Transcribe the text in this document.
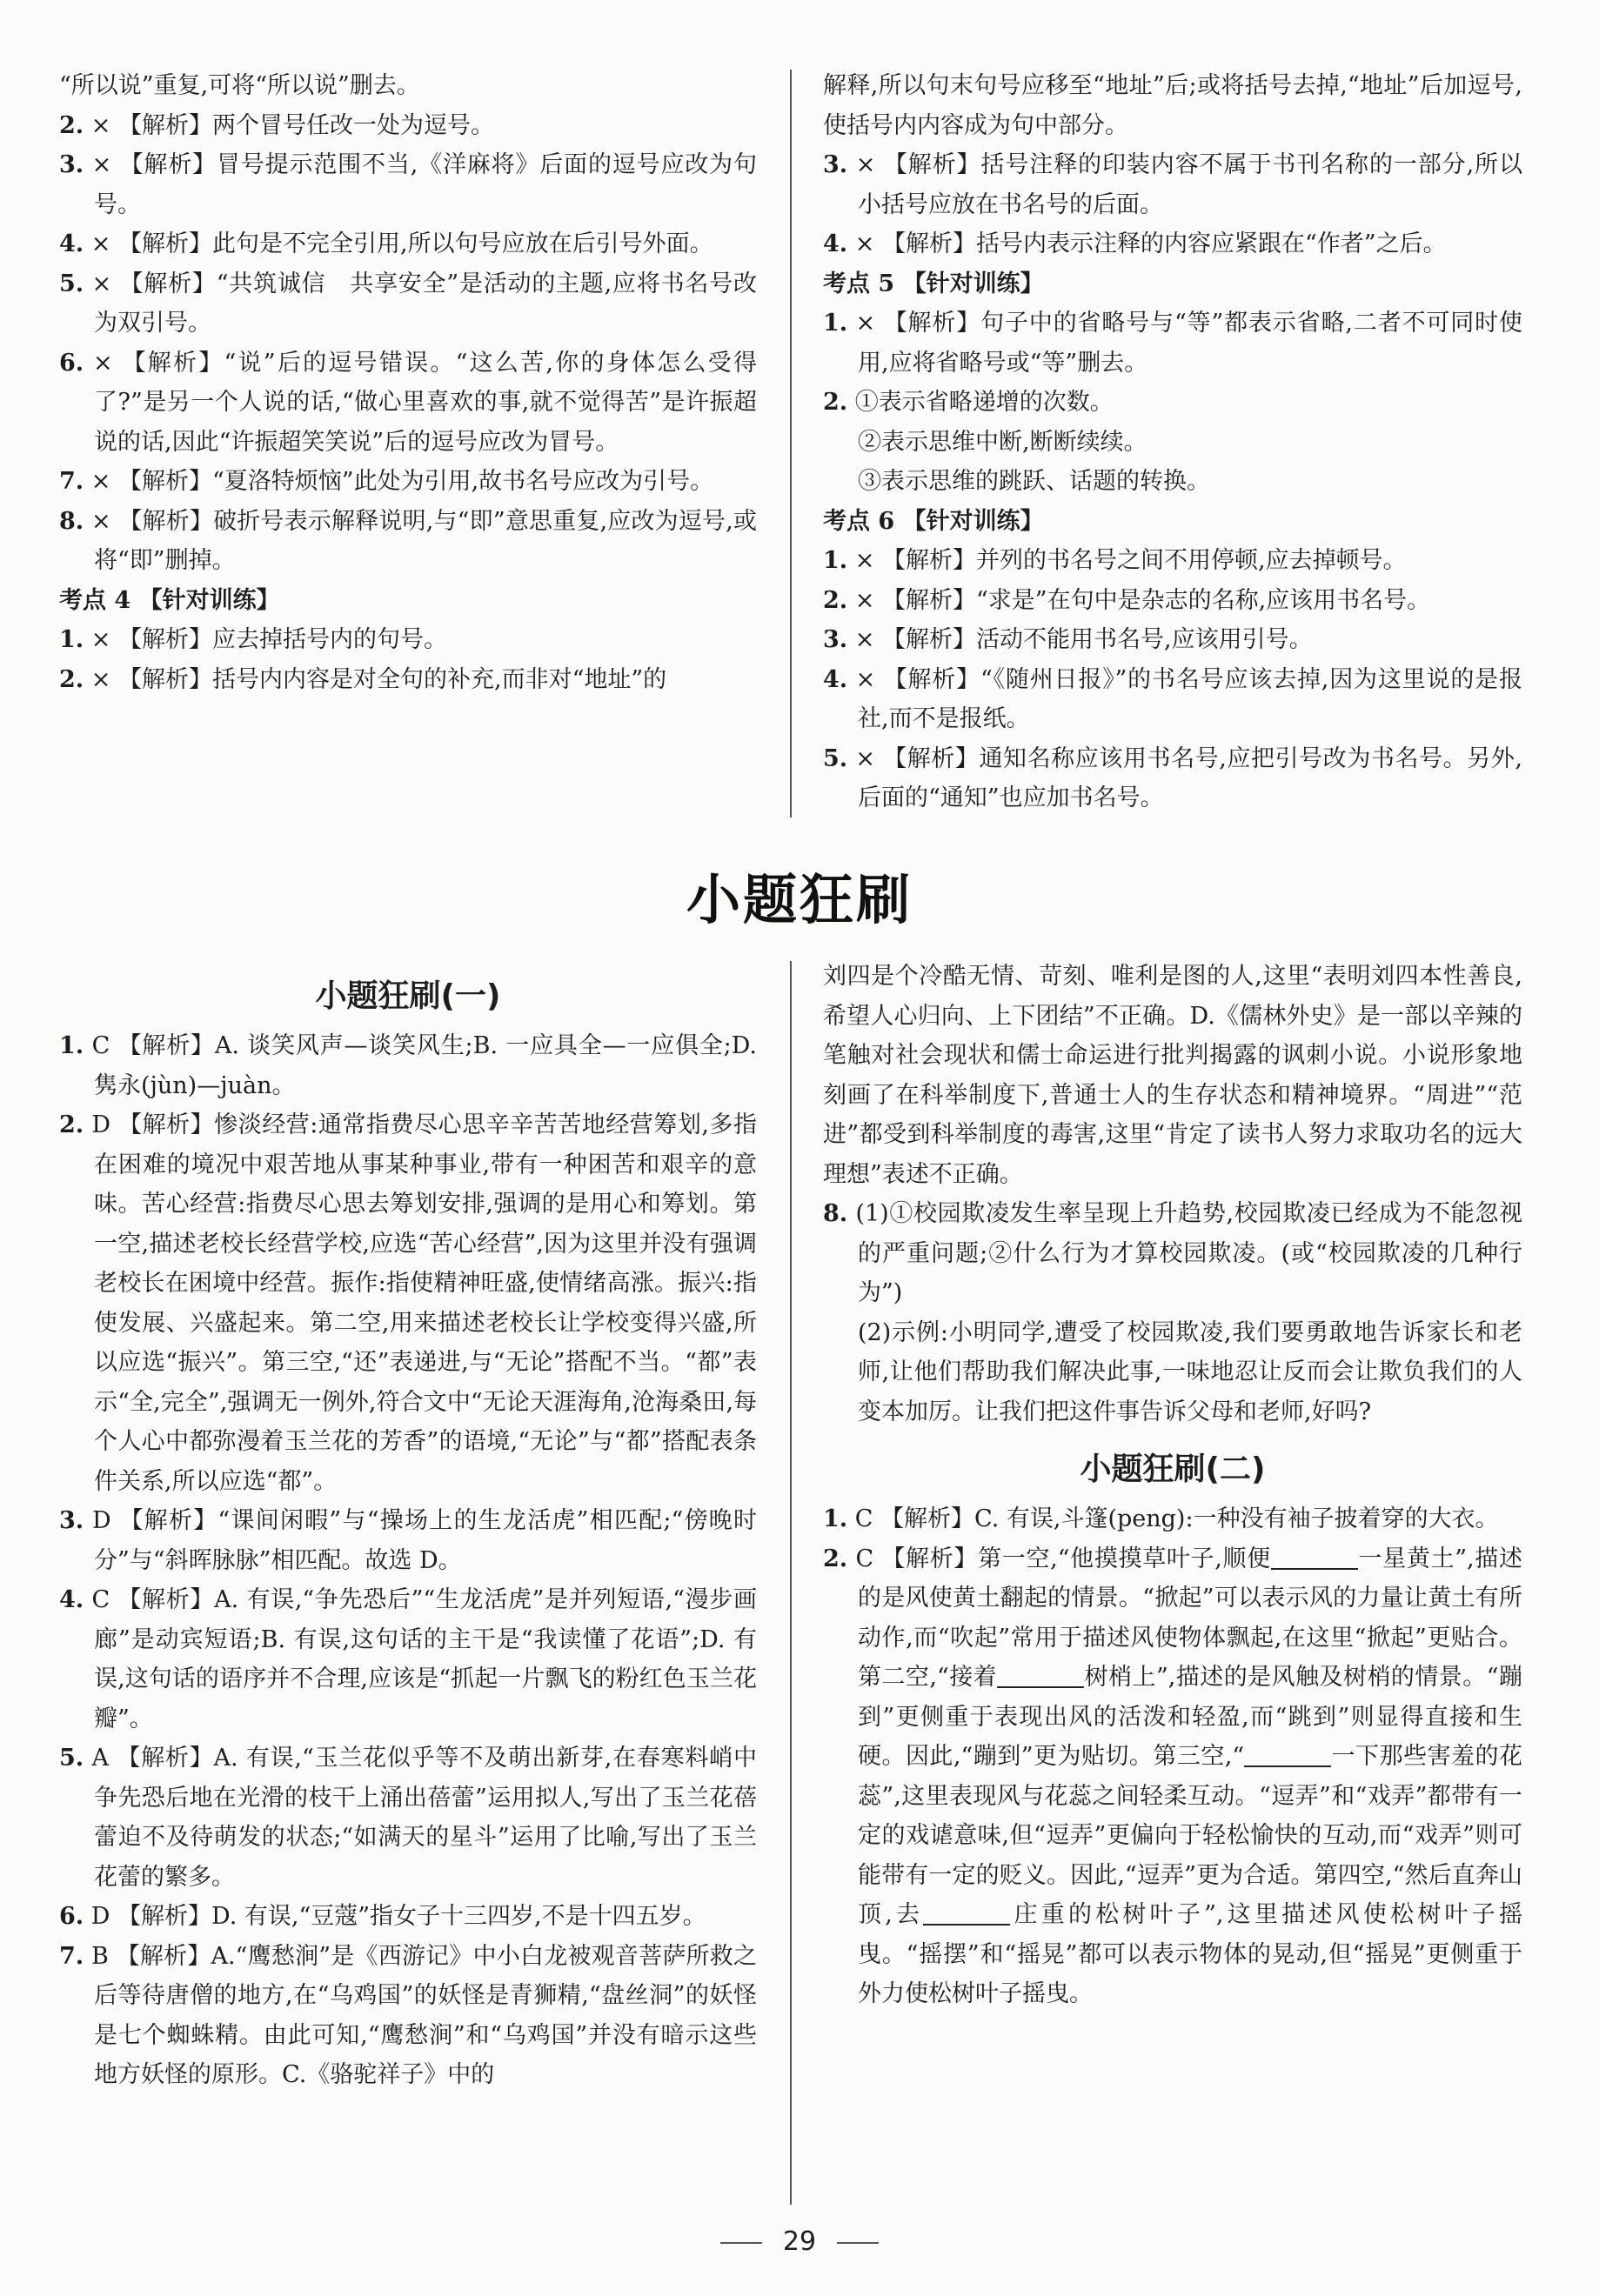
“所以说”重复,可将“所以说”删去。

2. × 【解析】两个冒号任改一处为逗号。

3. × 【解析】冒号提示范围不当,《洋麻将》后面的逗号应改为句号。

4. × 【解析】此句是不完全引用,所以句号应放在后引号外面。

5. × 【解析】“共筑诚信　共享安全”是活动的主题,应将书名号改为双引号。

6. × 【解析】“说”后的逗号错误。“这么苦,你的身体怎么受得了?”是另一个人说的话,“做心里喜欢的事,就不觉得苦”是许振超说的话,因此“许振超笑笑说”后的逗号应改为冒号。

7. × 【解析】“夏洛特烦恼”此处为引用,故书名号应改为引号。

8. × 【解析】破折号表示解释说明,与“即”意思重复,应改为逗号,或将“即”删掉。

考点 4 【针对训练】

1. × 【解析】应去掉括号内的句号。

2. × 【解析】括号内内容是对全句的补充,而非对“地址”的

解释,所以句末句号应移至“地址”后;或将括号去掉,“地址”后加逗号,使括号内内容成为句中部分。

3. × 【解析】括号注释的印装内容不属于书刊名称的一部分,所以小括号应放在书名号的后面。

4. × 【解析】括号内表示注释的内容应紧跟在“作者”之后。

考点 5 【针对训练】

1. × 【解析】句子中的省略号与“等”都表示省略,二者不可同时使用,应将省略号或“等”删去。

2. ①表示省略递增的次数。

②表示思维中断,断断续续。

③表示思维的跳跃、话题的转换。

考点 6 【针对训练】

1. × 【解析】并列的书名号之间不用停顿,应去掉顿号。

2. × 【解析】“求是”在句中是杂志的名称,应该用书名号。

3. × 【解析】活动不能用书名号,应该用引号。

4. × 【解析】“《随州日报》”的书名号应该去掉,因为这里说的是报社,而不是报纸。

5. × 【解析】通知名称应该用书名号,应把引号改为书名号。另外,后面的“通知”也应加书名号。

小题狂刷

小题狂刷(一)

1. C 【解析】A. 谈笑风声—谈笑风生;B. 一应具全—一应俱全;D. 隽永(jùn)—juàn。

2. D 【解析】惨淡经营:通常指费尽心思辛辛苦苦地经营筹划,多指在困难的境况中艰苦地从事某种事业,带有一种困苦和艰辛的意味。苦心经营:指费尽心思去筹划安排,强调的是用心和筹划。第一空,描述老校长经营学校,应选“苦心经营”,因为这里并没有强调老校长在困境中经营。振作:指使精神旺盛,使情绪高涨。振兴:指使发展、兴盛起来。第二空,用来描述老校长让学校变得兴盛,所以应选“振兴”。第三空,“还”表递进,与“无论”搭配不当。“都”表示“全,完全”,强调无一例外,符合文中“无论天涯海角,沧海桑田,每个人心中都弥漫着玉兰花的芳香”的语境,“无论”与“都”搭配表条件关系,所以应选“都”。

3. D 【解析】“课间闲暇”与“操场上的生龙活虎”相匹配;“傍晚时分”与“斜晖脉脉”相匹配。故选 D。

4. C 【解析】A. 有误,“争先恐后”“生龙活虎”是并列短语,“漫步画廊”是动宾短语;B. 有误,这句话的主干是“我读懂了花语”;D. 有误,这句话的语序并不合理,应该是“抓起一片飘飞的粉红色玉兰花瓣”。

5. A 【解析】A. 有误,“玉兰花似乎等不及萌出新芽,在春寒料峭中争先恐后地在光滑的枝干上涌出蓓蕾”运用拟人,写出了玉兰花蓓蕾迫不及待萌发的状态;“如满天的星斗”运用了比喻,写出了玉兰花蕾的繁多。

6. D 【解析】D. 有误,“豆蔻”指女子十三四岁,不是十四五岁。

7. B 【解析】A.“鹰愁涧”是《西游记》中小白龙被观音菩萨所救之后等待唐僧的地方,在“乌鸡国”的妖怪是青狮精,“盘丝洞”的妖怪是七个蜘蛛精。由此可知,“鹰愁涧”和“乌鸡国”并没有暗示这些地方妖怪的原形。C.《骆驼祥子》中的

刘四是个冷酷无情、苛刻、唯利是图的人,这里“表明刘四本性善良,希望人心归向、上下团结”不正确。D.《儒林外史》是一部以辛辣的笔触对社会现状和儒士命运进行批判揭露的讽刺小说。小说形象地刻画了在科举制度下,普通士人的生存状态和精神境界。“周进”“范进”都受到科举制度的毒害,这里“肯定了读书人努力求取功名的远大理想”表述不正确。

8. (1)①校园欺凌发生率呈现上升趋势,校园欺凌已经成为不能忽视的严重问题;②什么行为才算校园欺凌。(或“校园欺凌的几种行为”)

(2)示例:小明同学,遭受了校园欺凌,我们要勇敢地告诉家长和老师,让他们帮助我们解决此事,一味地忍让反而会让欺负我们的人变本加厉。让我们把这件事告诉父母和老师,好吗?

小题狂刷(二)

1. C 【解析】C. 有误,斗篷(peng):一种没有袖子披着穿的大衣。

2. C 【解析】第一空,“他摸摸草叶子,顺便	一星黄土”,描述的是风使黄土翻起的情景。“掀起”可以表示风的力量让黄土有所动作,而“吹起”常用于描述风使物体飘起,在这里“掀起”更贴合。第二空,“接着	树梢上”,描述的是风触及树梢的情景。“蹦到”更侧重于表现出风的活泼和轻盈,而“跳到”则显得直接和生硬。因此,“蹦到”更为贴切。第三空,“	一下那些害羞的花蕊”,这里表现风与花蕊之间轻柔互动。“逗弄”和“戏弄”都带有一定的戏谑意味,但“逗弄”更偏向于轻松愉快的互动,而“戏弄”则可能带有一定的贬义。因此,“逗弄”更为合适。第四空,“然后直奔山顶,去	庄重的松树叶子”,这里描述风使松树叶子摇曳。“摇摆”和“摇晃”都可以表示物体的晃动,但“摇晃”更侧重于外力使松树叶子摇曳。

29
